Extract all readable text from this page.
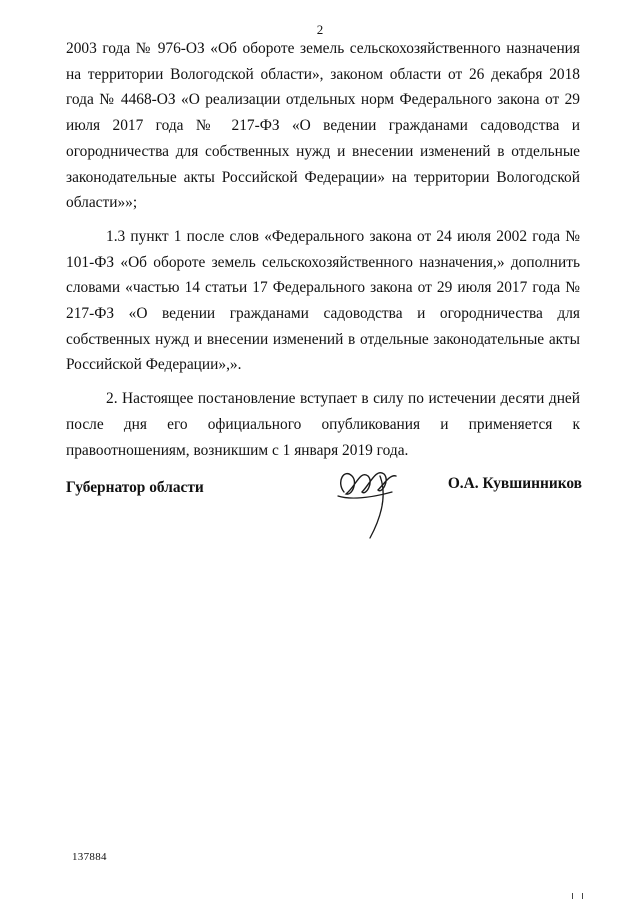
2

2003 года № 976-ОЗ «Об обороте земель сельскохозяйственного назначения на территории Вологодской области», законом области от 26 декабря 2018 года № 4468-ОЗ «О реализации отдельных норм Федерального закона от 29 июля 2017 года № 217-ФЗ «О ведении гражданами садоводства и огородничества для собственных нужд и внесении изменений в отдельные законодательные акты Российской Федерации» на территории Вологодской области»»;

1.3 пункт 1 после слов «Федерального закона от 24 июля 2002 года № 101-ФЗ «Об обороте земель сельскохозяйственного назначения,» дополнить словами «частью 14 статьи 17 Федерального закона от 29 июля 2017 года № 217-ФЗ «О ведении гражданами садоводства и огородничества для собственных нужд и внесении изменений в отдельные законодательные акты Российской Федерации»,».

2. Настоящее постановление вступает в силу по истечении десяти дней после дня его официального опубликования и применяется к правоотношениям, возникшим с 1 января 2019 года.

Губернатор области	О.А. Кувшинников
137884
